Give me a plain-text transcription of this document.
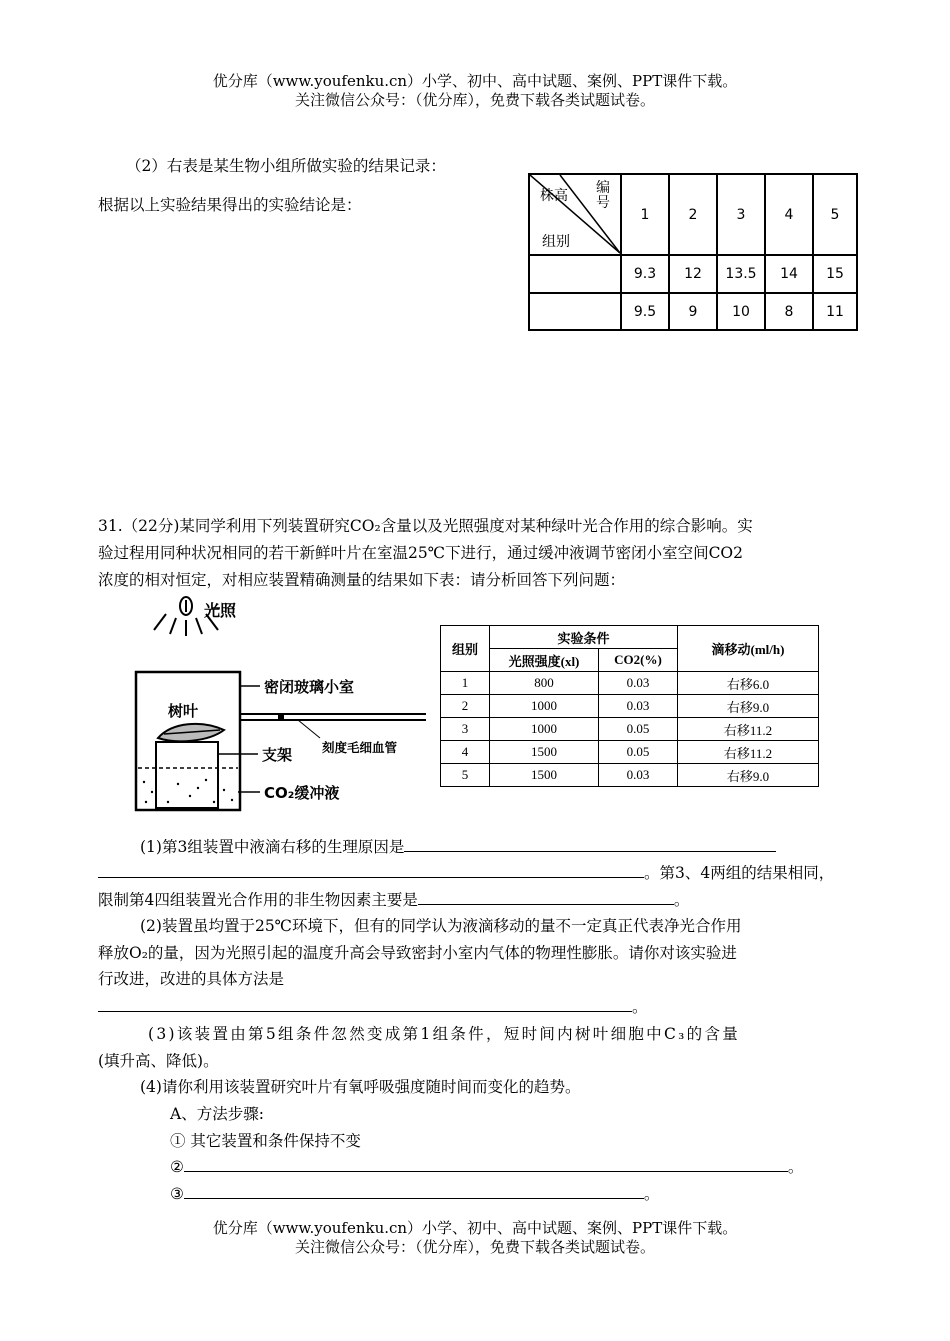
优分库（www.youfenku.cn）小学、初中、高中试题、案例、PPT课件下载。
关注微信公众号：（优分库），免费下载各类试题试卷。
（2）右表是某生物小组所做实验的结果记录：
根据以上实验结果得出的实验结论是：
编号
株高
组别	1	2	3	4	5
	9.3	12	13.5	14	15
	9.5	9	10	8	11
31.（22分)某同学利用下列装置研究CO₂含量以及光照强度对某种绿叶光合作用的综合影响。实
验过程用同种状况相同的若干新鲜叶片在室温25℃下进行，通过缓冲液调节密闭小室空间CO2
浓度的相对恒定，对相应装置精确测量的结果如下表：请分析回答下列问题：
光照
密闭玻璃小室
树叶
支架 刻度毛细血管
CO₂缓冲液
组别	实验条件		滴移动(ml/h)
	光照强度(xl)	CO2(%)	
1	800	0.03	右移6.0
2	1000	0.03	右移9.0
3	1000	0.05	右移11.2
4	1500	0.05	右移11.2
5	1500	0.03	右移9.0
(1)第3组装置中液滴右移的生理原因是
。第3、4两组的结果相同，
限制第4四组装置光合作用的非生物因素主要是	。
(2)装置虽均置于25℃环境下，但有的同学认为液滴移动的量不一定真正代表净光合作用
释放O₂的量，因为光照引起的温度升高会导致密封小室内气体的物理性膨胀。请你对该实验进
行改进，改进的具体方法是
。
(3)该装置由第5组条件忽然变成第1组条件，短时间内树叶细胞中C₃的含量
(填升高、降低)。
(4)请你利用该装置研究叶片有氧呼吸强度随时间而变化的趋势。
A、方法步骤:
① 其它装置和条件保持不变
②	。
③	。
优分库（www.youfenku.cn）小学、初中、高中试题、案例、PPT课件下载。
关注微信公众号：（优分库），免费下载各类试题试卷。
